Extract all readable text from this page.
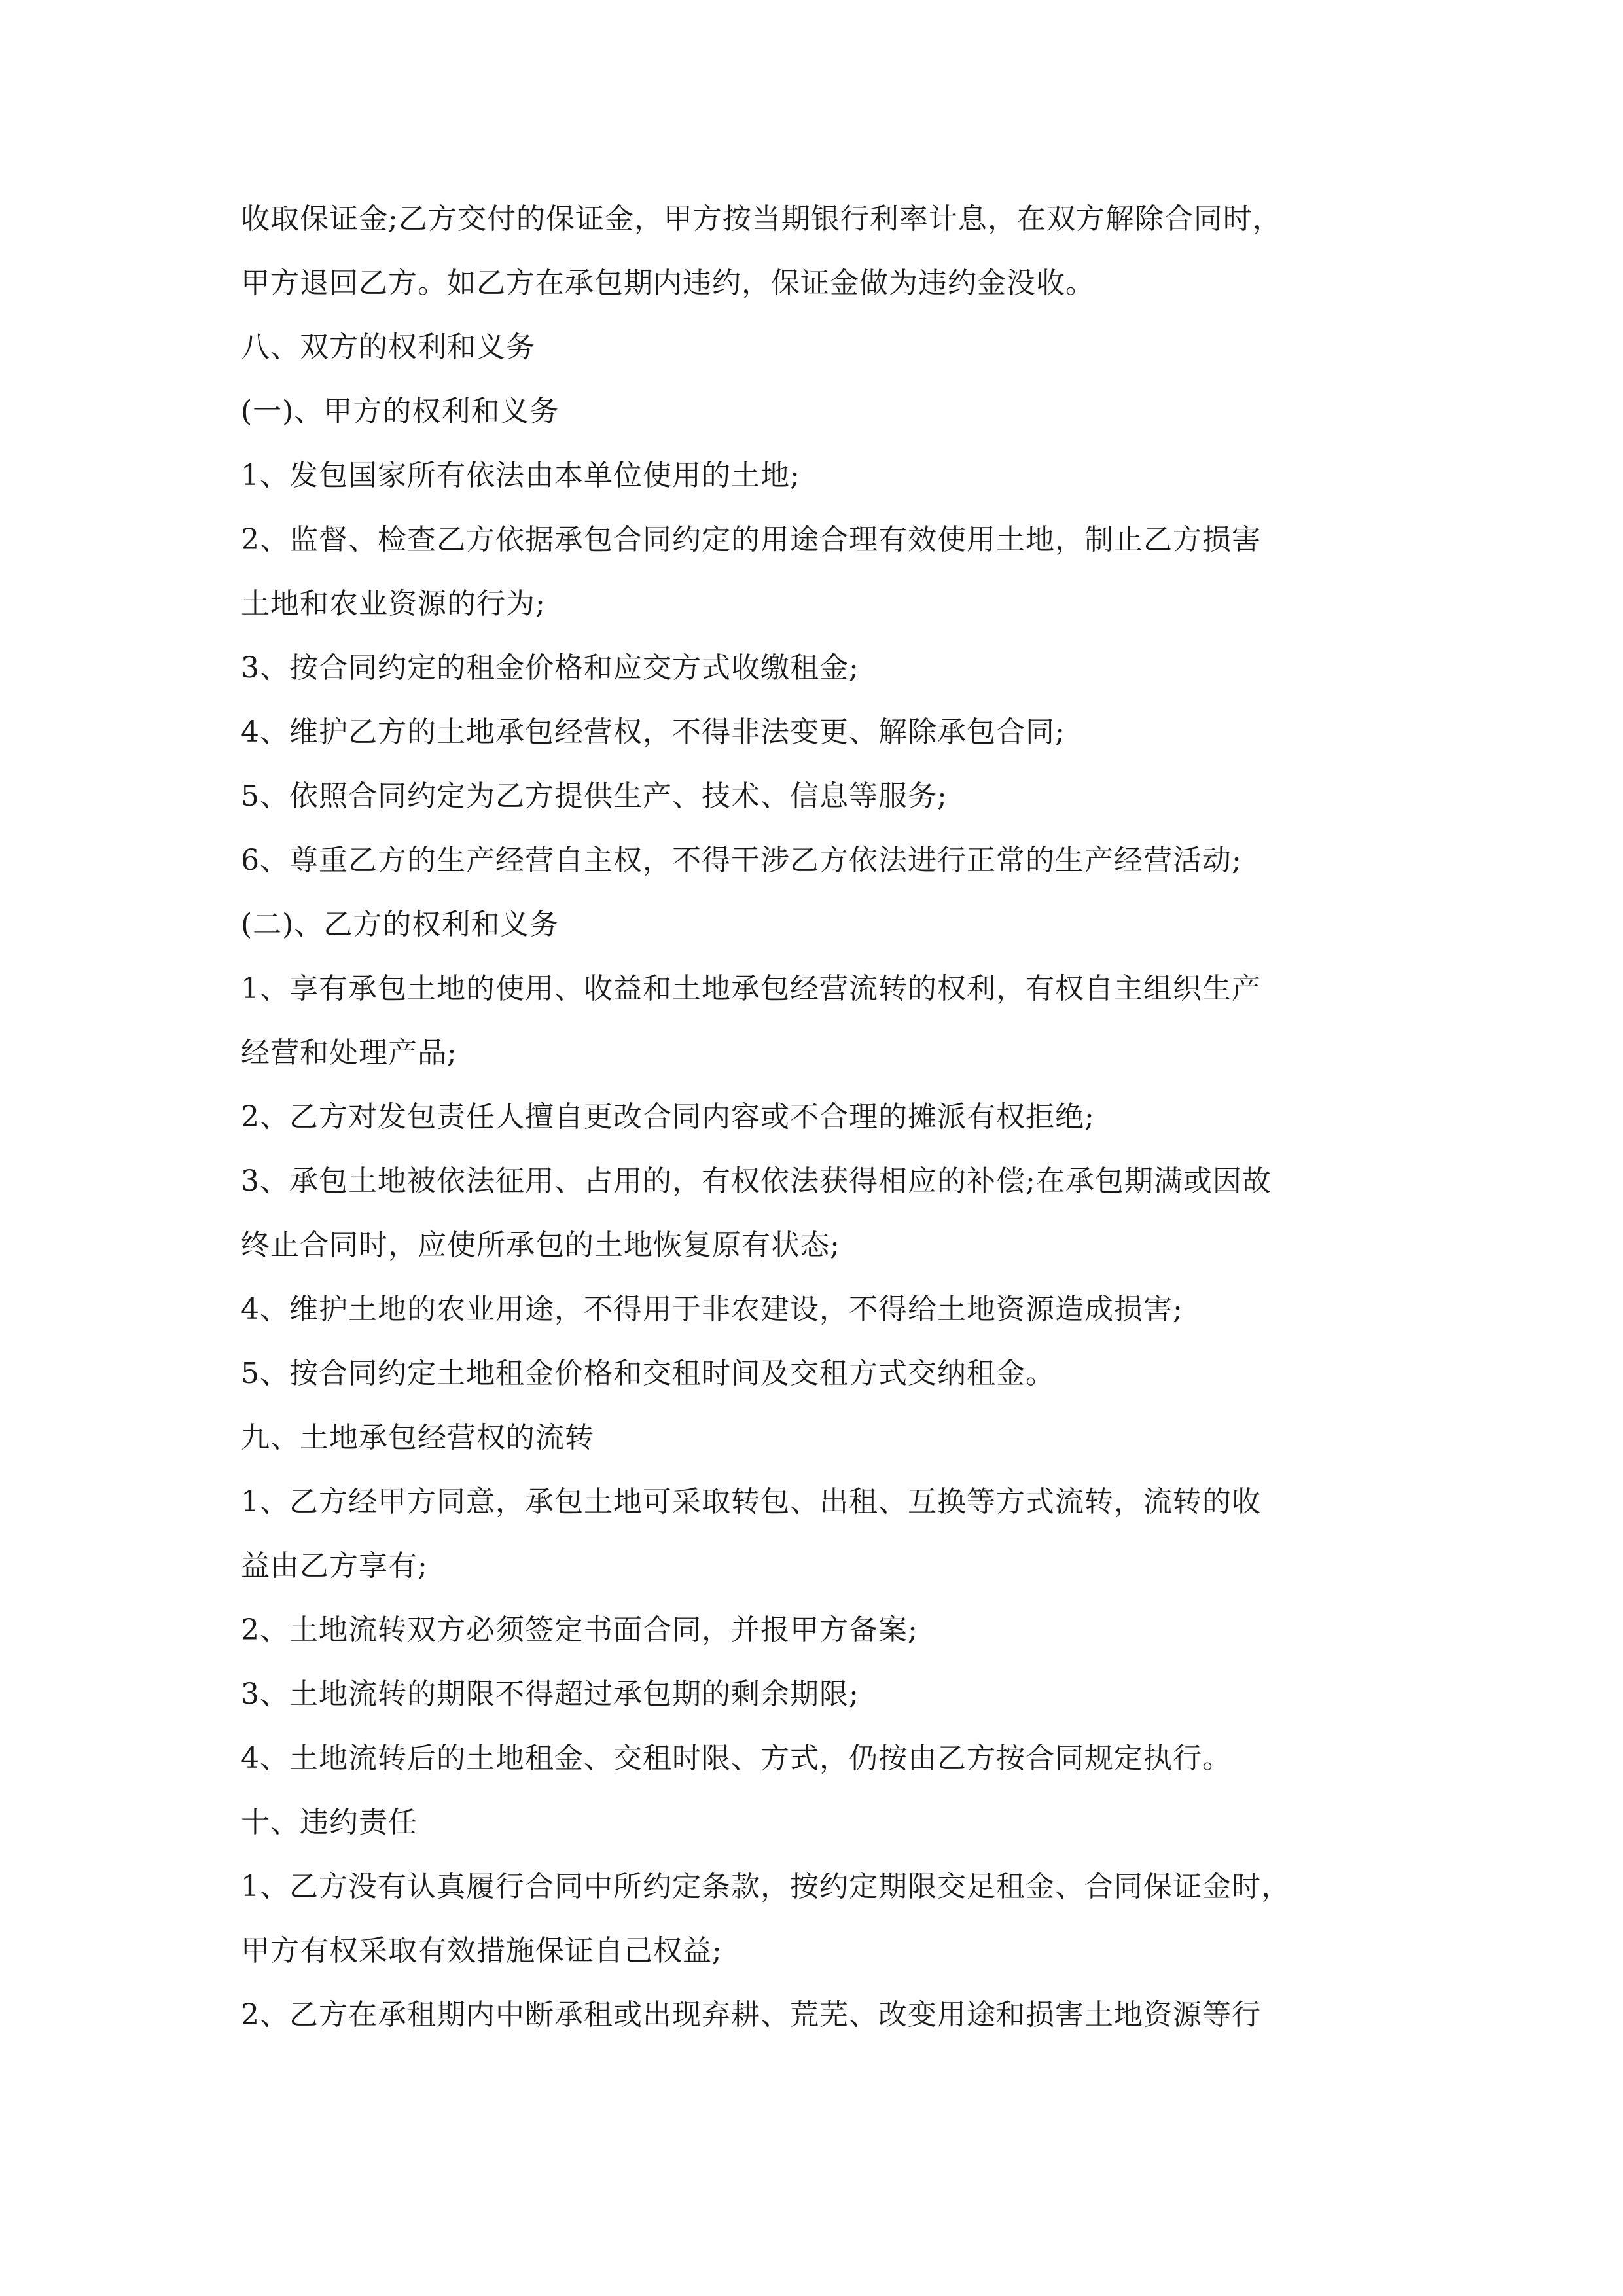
收取保证金;乙方交付的保证金，甲方按当期银行利率计息，在双方解除合同时，
甲方退回乙方。如乙方在承包期内违约，保证金做为违约金没收。
八、双方的权利和义务
(一)、甲方的权利和义务
1、发包国家所有依法由本单位使用的土地;
2、监督、检查乙方依据承包合同约定的用途合理有效使用土地，制止乙方损害
土地和农业资源的行为;
3、按合同约定的租金价格和应交方式收缴租金;
4、维护乙方的土地承包经营权，不得非法变更、解除承包合同;
5、依照合同约定为乙方提供生产、技术、信息等服务;
6、尊重乙方的生产经营自主权，不得干涉乙方依法进行正常的生产经营活动;
(二)、乙方的权利和义务
1、享有承包土地的使用、收益和土地承包经营流转的权利，有权自主组织生产
经营和处理产品;
2、乙方对发包责任人擅自更改合同内容或不合理的摊派有权拒绝;
3、承包土地被依法征用、占用的，有权依法获得相应的补偿;在承包期满或因故
终止合同时，应使所承包的土地恢复原有状态;
4、维护土地的农业用途，不得用于非农建设，不得给土地资源造成损害;
5、按合同约定土地租金价格和交租时间及交租方式交纳租金。
九、土地承包经营权的流转
1、乙方经甲方同意，承包土地可采取转包、出租、互换等方式流转，流转的收
益由乙方享有;
2、土地流转双方必须签定书面合同，并报甲方备案;
3、土地流转的期限不得超过承包期的剩余期限;
4、土地流转后的土地租金、交租时限、方式，仍按由乙方按合同规定执行。
十、违约责任
1、乙方没有认真履行合同中所约定条款，按约定期限交足租金、合同保证金时，
甲方有权采取有效措施保证自己权益;
2、乙方在承租期内中断承租或出现弃耕、荒芜、改变用途和损害土地资源等行
